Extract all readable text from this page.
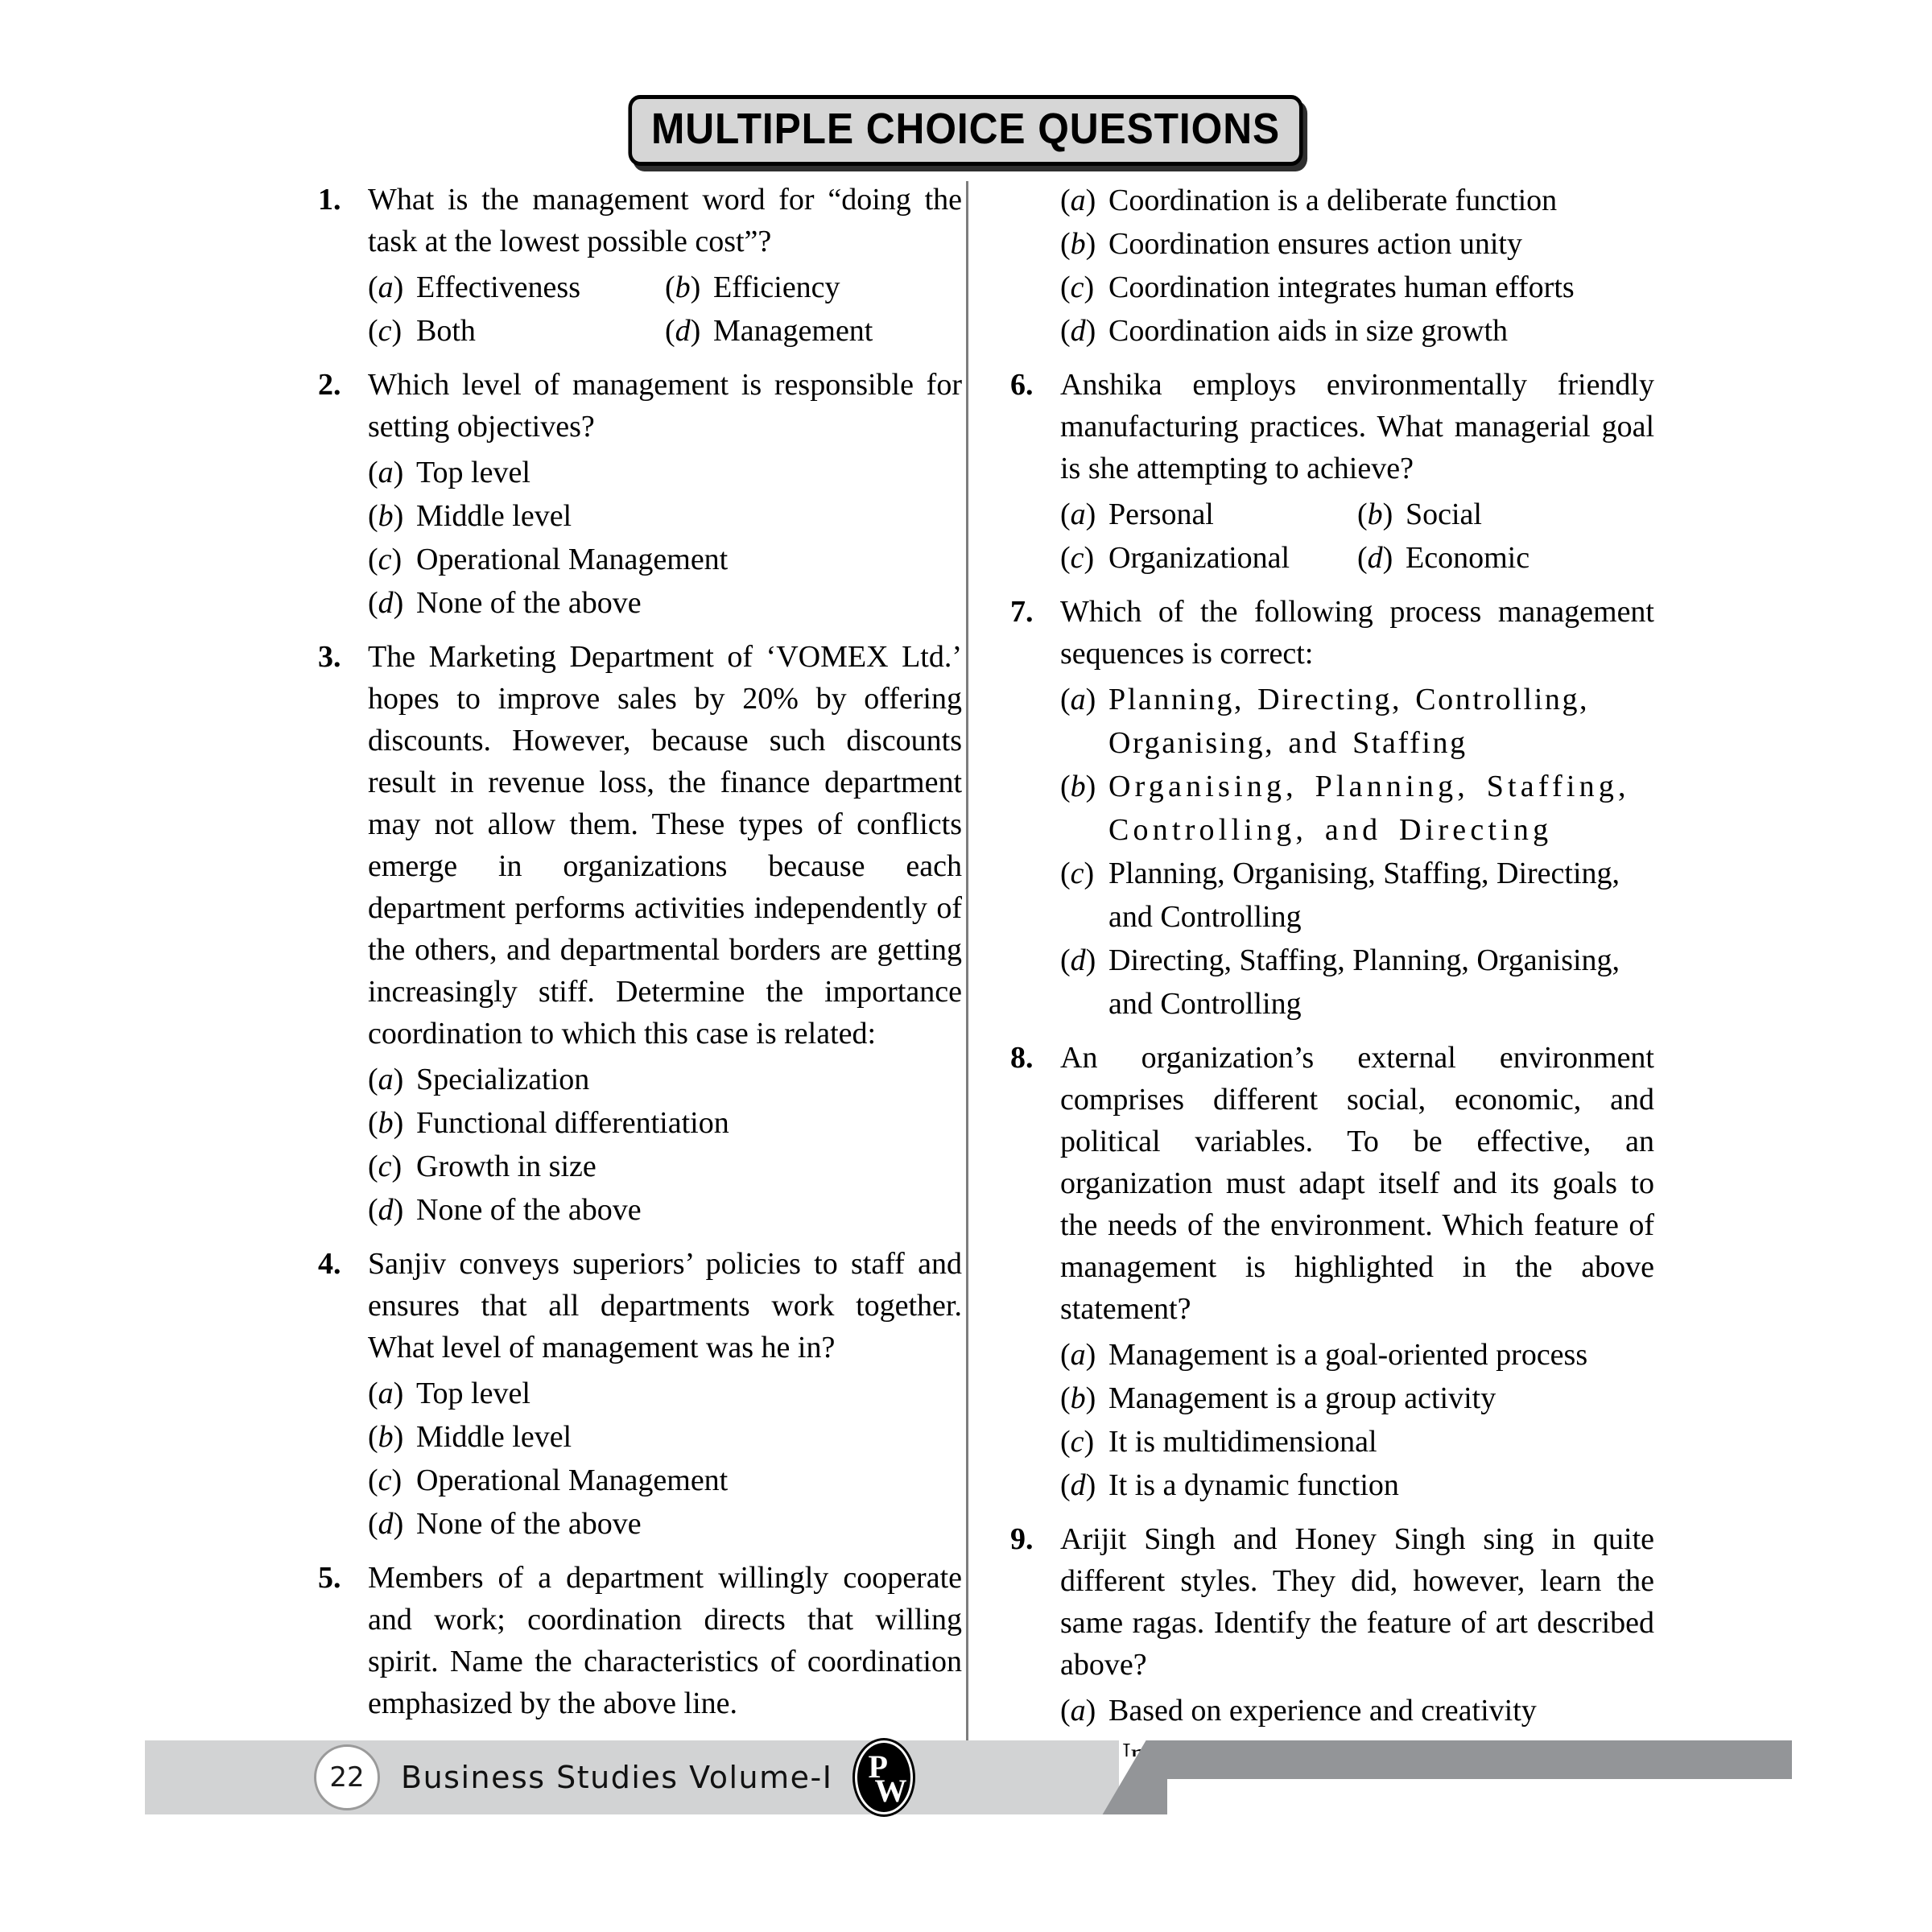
MULTIPLE CHOICE QUESTIONS
1. What is the management word for “doing the task at the lowest possible cost”?
(a) Effectiveness	(b) Efficiency
(c) Both	(d) Management
2. Which level of management is responsible for setting objectives?
(a) Top level
(b) Middle level
(c) Operational Management
(d) None of the above
3. The Marketing Department of ‘VOMEX Ltd.’ hopes to improve sales by 20% by offering discounts. However, because such discounts result in revenue loss, the finance department may not allow them. These types of conflicts emerge in organizations because each department performs activities independently of the others, and departmental borders are getting increasingly stiff. Determine the importance coordination to which this case is related:
(a) Specialization
(b) Functional differentiation
(c) Growth in size
(d) None of the above
4. Sanjiv conveys superiors’ policies to staff and ensures that all departments work together. What level of management was he in?
(a) Top level
(b) Middle level
(c) Operational Management
(d) None of the above
5. Members of a department willingly cooperate and work; coordination directs that willing spirit. Name the characteristics of coordination emphasized by the above line.
(a) Coordination is a deliberate function
(b) Coordination ensures action unity
(c) Coordination integrates human efforts
(d) Coordination aids in size growth
6. Anshika employs environmentally friendly manufacturing practices. What managerial goal is she attempting to achieve?
(a) Personal	(b) Social
(c) Organizational	(d) Economic
7. Which of the following process management sequences is correct:
(a) Planning, Directing, Controlling, Organising, and Staffing
(b) Organising, Planning, Staffing, Controlling, and Directing
(c) Planning, Organising, Staffing, Directing, and Controlling
(d) Directing, Staffing, Planning, Organising, and Controlling
8. An organization’s external environment comprises different social, economic, and political variables. To be effective, an organization must adapt itself and its goals to the needs of the environment. Which feature of management is highlighted in the above statement?
(a) Management is a goal-oriented process
(b) Management is a group activity
(c) It is multidimensional
(d) It is a dynamic function
9. Arijit Singh and Honey Singh sing in quite different styles. They did, however, learn the same ragas. Identify the feature of art described above?
(a) Based on experience and creativity
22	Business Studies Volume-I P
W
